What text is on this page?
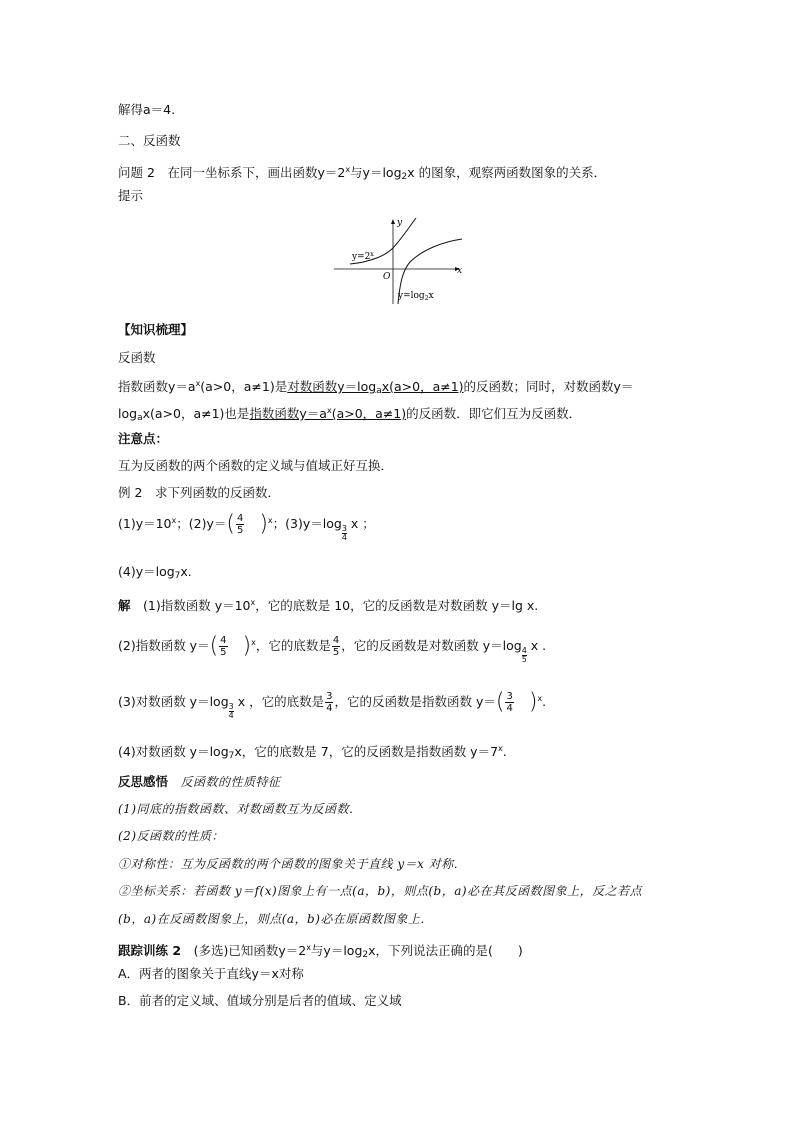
解得a＝4.
二、反函数
问题 2　 在同一坐标系下，画出函数$y=2^x$与$y=\log_2x$ 的图象，观察两函数图象的关系．
提示
y
x
O
$y=2^x$
$y=\log_2x$
【知识梳理】
反函数
指数函数$y=a^x(a>0$，a≠1)是对数函数$y=\log_ax(a>0$，a≠1)的反函数；同时，对数函数y＝
$\log_ax(a>0$，a≠1)也是指数函数$y=a^x(a>0$，a≠1)的反函数．即它们互为反函数．
注意点：
互为反函数的两个函数的定义域与值域正好互换．
例 2　 求下列函数的反函数．
$(1)y=10^x$；$(2)y=( \frac{4}{5} )^x$；(3)y＝log
$\frac{3}{4}$
x ；
$(4)y=\log_7x$.
解　 (1)指数函数 $y=10^x$，它的底数是 10，它的反函数是对数函数 y＝lg x.
(2)指数函数 $y=( \frac{4}{5} )^x$，它的底数是 $\frac{4}{5}$ ，它的反函数是对数函数 y＝log
$\frac{4}{5}$
x .
(3)对数函数 y＝log
$\frac{3}{4}$
x ，它的底数是 $\frac{3}{4}$ ，它的反函数是指数函数 $y=( \frac{3}{4} )^x$.
(4)对数函数 $y=\log_7x$，它的底数是 7，它的反函数是指数函数 $y=7^x$.
反思感悟　 反函数的性质特征
(1)同底的指数函数、对数函数互为反函数．
(2)反函数的性质：
①对称性：互为反函数的两个函数的图象关于直线 y＝x 对称．
②坐标关系：若函数 y＝f(x)图象上有一点(a，b)，则点(b，a)必在其反函数图象上，反之若点
(b，a)在反函数图象上，则点(a，b)必在原函数图象上．
跟踪训练 2　 (多选)已知函数$y=2^x$与$y=\log_2x$，下列说法正确的是(　　)
A．两者的图象关于直线y＝x对称
B．前者的定义域、值域分别是后者的值域、定义域
